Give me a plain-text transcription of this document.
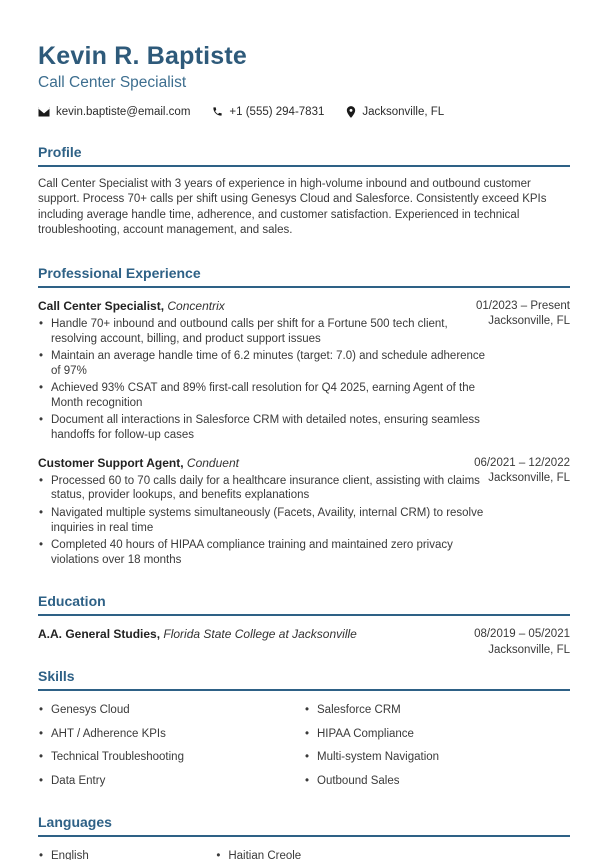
Kevin R. Baptiste
Call Center Specialist
kevin.baptiste@email.com	+1 (555) 294-7831	Jacksonville, FL
Profile

Call Center Specialist with 3 years of experience in high-volume inbound and outbound customer support. Process 70+ calls per shift using Genesys Cloud and Salesforce. Consistently exceed KPIs including average handle time, adherence, and customer satisfaction. Experienced in technical troubleshooting, account management, and sales.

Professional Experience
Call Center Specialist, Concentrix
• Handle 70+ inbound and outbound calls per shift for a Fortune 500 tech client, resolving account, billing, and product support issues
• Maintain an average handle time of 6.2 minutes (target: 7.0) and schedule adherence of 97%
• Achieved 93% CSAT and 89% first-call resolution for Q4 2025, earning Agent of the Month recognition
• Document all interactions in Salesforce CRM with detailed notes, ensuring seamless handoffs for follow-up cases
01/2023 – Present
Jacksonville, FL
Customer Support Agent, Conduent
• Processed 60 to 70 calls daily for a healthcare insurance client, assisting with claims status, provider lookups, and benefits explanations
• Navigated multiple systems simultaneously (Facets, Availity, internal CRM) to resolve inquiries in real time
• Completed 40 hours of HIPAA compliance training and maintained zero privacy violations over 18 months
06/2021 – 12/2022
Jacksonville, FL
Education
A.A. General Studies, Florida State College at Jacksonville	08/2019 – 05/2021
Jacksonville, FL
Skills
• Genesys Cloud
• AHT / Adherence KPIs
• Technical Troubleshooting
• Data Entry
• Salesforce CRM
• HIPAA Compliance
• Multi-system Navigation
• Outbound Sales
Languages
• English	• Haitian Creole
